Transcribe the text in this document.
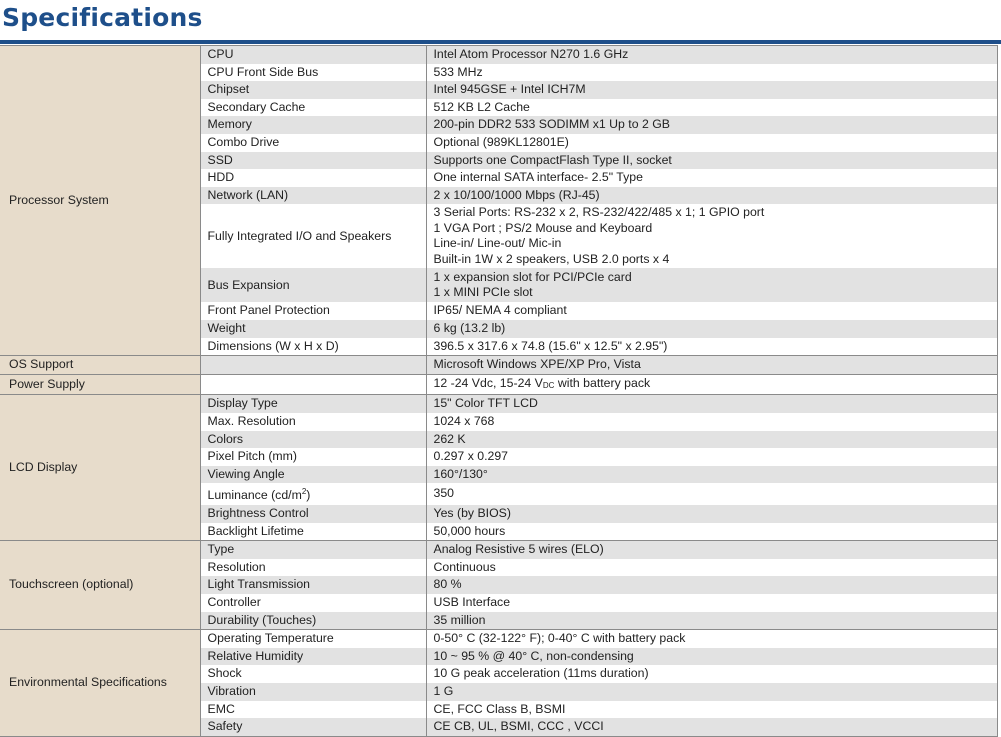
Specifications
Processor System	CPU	Intel Atom Processor N270 1.6 GHz
	CPU Front Side Bus	533 MHz
	Chipset	Intel 945GSE + Intel ICH7M
	Secondary Cache	512 KB L2 Cache
	Memory	200-pin DDR2 533 SODIMM x1 Up to 2 GB
	Combo Drive	Optional (989KL12801E)
	SSD	Supports one CompactFlash Type II, socket
	HDD	One internal SATA interface- 2.5" Type
	Network (LAN)	2 x 10/100/1000 Mbps (RJ-45)
	Fully Integrated I/O and Speakers	3 Serial Ports: RS-232 x 2, RS-232/422/485 x 1; 1 GPIO port
1 VGA Port ; PS/2 Mouse and Keyboard
Line-in/ Line-out/ Mic-in
Built-in 1W x 2 speakers, USB 2.0 ports x 4

	Bus Expansion	1 x expansion slot for PCI/PCIe card
1 x MINI PCIe slot

	Front Panel Protection	IP65/ NEMA 4 compliant
	Weight	6 kg (13.2 lb)
	Dimensions (W x H x D)	396.5 x 317.6 x 74.8 (15.6" x 12.5" x 2.95")
OS Support		Microsoft Windows XPE/XP Pro, Vista
Power Supply		12 -24 Vdc, 15-24 $V_{DC}$ with battery pack
LCD Display	Display Type	15" Color TFT LCD
	Max. Resolution	1024 x 768
	Colors	262 K
	Pixel Pitch (mm)	0.297 x 0.297
	Viewing Angle	160°/130°
	Luminance $(cd/m^2)$	350
	Brightness Control	Yes (by BIOS)
	Backlight Lifetime	50,000 hours
Touchscreen (optional)	Type	Analog Resistive 5 wires (ELO)
	Resolution	Continuous
	Light Transmission	80 %
	Controller	USB Interface
	Durability (Touches)	35 million
Environmental Specifications	Operating Temperature	0-50° C (32-122° F); 0-40° C with battery pack
	Relative Humidity	10 ~ 95 % @ 40° C, non-condensing
	Shock	10 G peak acceleration (11ms duration)
	Vibration	1 G
	EMC	CE, FCC Class B, BSMI
	Safety	CE CB, UL, BSMI, CCC , VCCI
